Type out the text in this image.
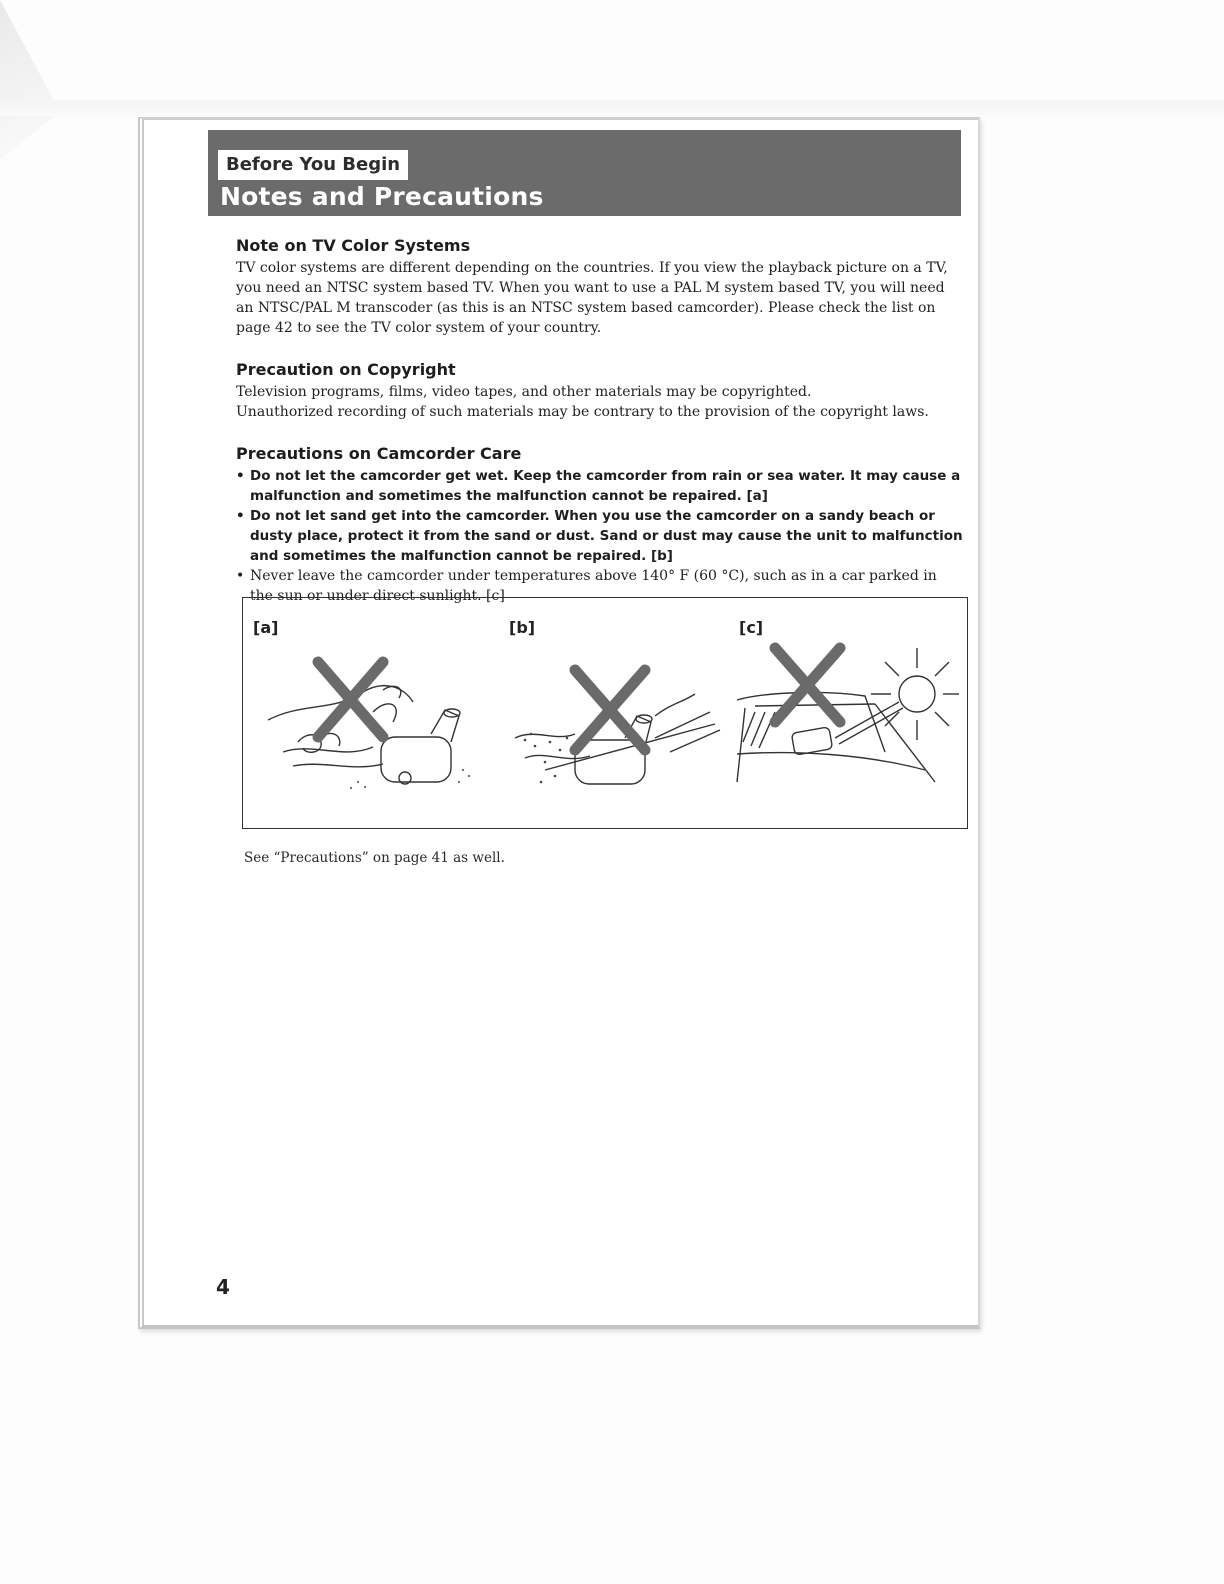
Before You Begin
Notes and Precautions
Note on TV Color Systems

TV color systems are different depending on the countries. If you view the playback picture on a TV, you need an NTSC system based TV. When you want to use a PAL M system based TV, you will need an NTSC/PAL M transcoder (as this is an NTSC system based camcorder). Please check the list on page 42 to see the TV color system of your country.

Precaution on Copyright

Television programs, films, video tapes, and other materials may be copyrighted.

Unauthorized recording of such materials may be contrary to the provision of the copyright laws.

Precautions on Camcorder Care
• Do not let the camcorder get wet. Keep the camcorder from rain or sea water. It may cause a malfunction and sometimes the malfunction cannot be repaired. [a]
• Do not let sand get into the camcorder. When you use the camcorder on a sandy beach or dusty place, protect it from the sand or dust. Sand or dust may cause the unit to malfunction and sometimes the malfunction cannot be repaired. [b]
• Never leave the camcorder under temperatures above 140° F (60 °C), such as in a car parked in the sun or under direct sunlight. [c]
[a]	[b]	[c]
See “Precautions” on page 41 as well.
4
